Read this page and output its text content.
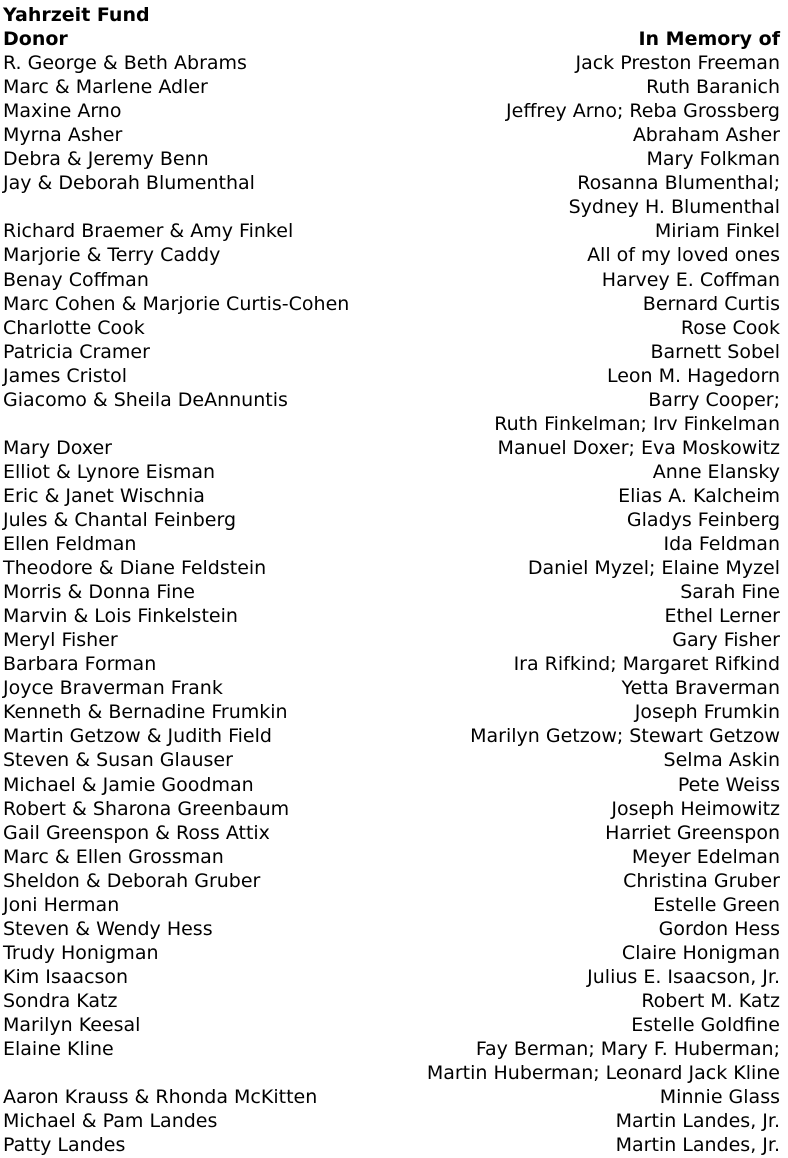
Yahrzeit Fund
Donor	In Memory of
R. George & Beth Abrams	Jack Preston Freeman
Marc & Marlene Adler	Ruth Baranich
Maxine Arno	Jeffrey Arno; Reba Grossberg
Myrna Asher	Abraham Asher
Debra & Jeremy Benn	Mary Folkman
Jay & Deborah Blumenthal	Rosanna Blumenthal;
Sydney H. Blumenthal
Richard Braemer & Amy Finkel	Miriam Finkel
Marjorie & Terry Caddy	All of my loved ones
Benay Coffman	Harvey E. Coffman
Marc Cohen & Marjorie Curtis-Cohen	Bernard Curtis
Charlotte Cook	Rose Cook
Patricia Cramer	Barnett Sobel
James Cristol	Leon M. Hagedorn
Giacomo & Sheila DeAnnuntis	Barry Cooper;
Ruth Finkelman; Irv Finkelman
Mary Doxer	Manuel Doxer; Eva Moskowitz
Elliot & Lynore Eisman	Anne Elansky
Eric & Janet Wischnia	Elias A. Kalcheim
Jules & Chantal Feinberg	Gladys Feinberg
Ellen Feldman	Ida Feldman
Theodore & Diane Feldstein	Daniel Myzel; Elaine Myzel
Morris & Donna Fine	Sarah Fine
Marvin & Lois Finkelstein	Ethel Lerner
Meryl Fisher	Gary Fisher
Barbara Forman	Ira Rifkind; Margaret Rifkind
Joyce Braverman Frank	Yetta Braverman
Kenneth & Bernadine Frumkin	Joseph Frumkin
Martin Getzow & Judith Field	Marilyn Getzow; Stewart Getzow
Steven & Susan Glauser	Selma Askin
Michael & Jamie Goodman	Pete Weiss
Robert & Sharona Greenbaum	Joseph Heimowitz
Gail Greenspon & Ross Attix	Harriet Greenspon
Marc & Ellen Grossman	Meyer Edelman
Sheldon & Deborah Gruber	Christina Gruber
Joni Herman	Estelle Green
Steven & Wendy Hess	Gordon Hess
Trudy Honigman	Claire Honigman
Kim Isaacson	Julius E. Isaacson, Jr.
Sondra Katz	Robert M. Katz
Marilyn Keesal	Estelle Goldfine
Elaine Kline	Fay Berman; Mary F. Huberman;
Martin Huberman; Leonard Jack Kline
Aaron Krauss & Rhonda McKitten	Minnie Glass
Michael & Pam Landes	Martin Landes, Jr.
Patty Landes	Martin Landes, Jr.
